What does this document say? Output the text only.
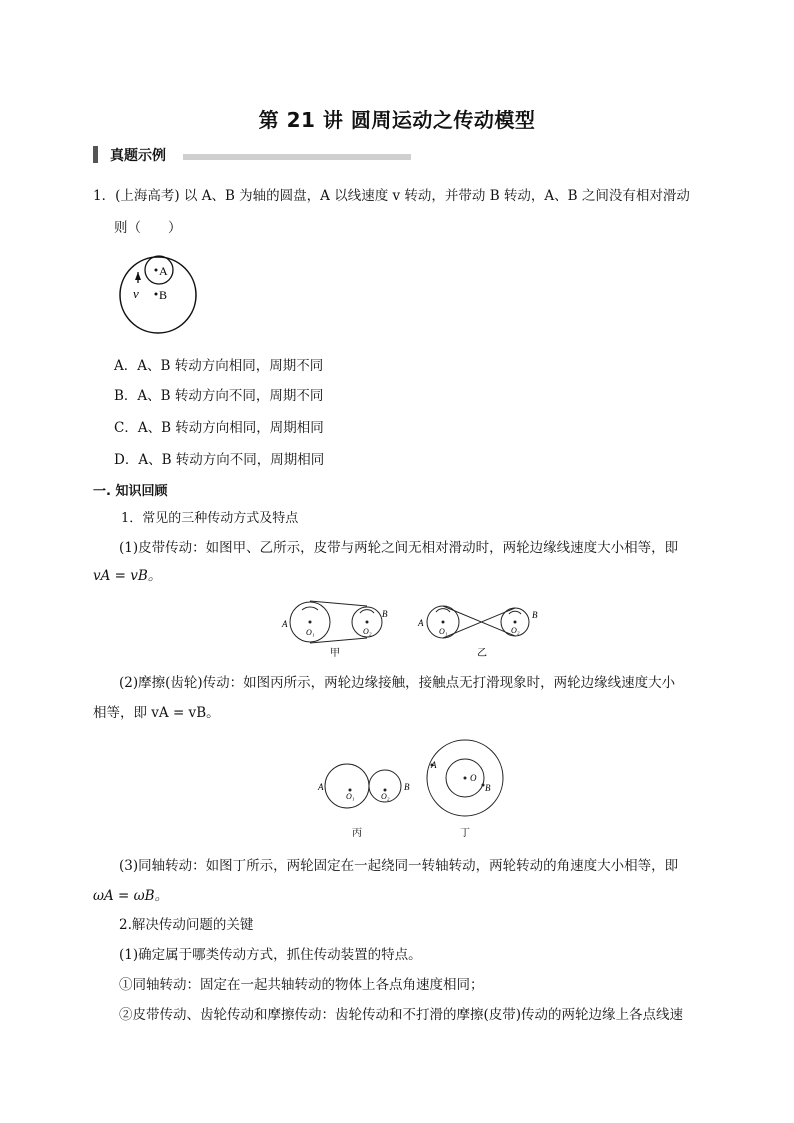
第 21 讲 圆周运动之传动模型
真题示例
1．(上海高考) 以 A、B 为轴的圆盘，A 以线速度 v 转动，并带动 B 转动，A、B 之间没有相对滑动
则（　　）
A
B
v
A．A、B 转动方向相同，周期不同
B．A、B 转动方向不同，周期不同
C．A、B 转动方向相同，周期相同
D．A、B 转动方向不同，周期相同
一. 知识回顾
1．常见的三种传动方式及特点
(1)皮带传动：如图甲、乙所示，皮带与两轮之间无相对滑动时，两轮边缘线速度大小相等，即
vA = vB。
A
B
O₁	O₂
甲
A
B
O₁	O₂
乙
(2)摩擦(齿轮)传动：如图丙所示，两轮边缘接触，接触点无打滑现象时，两轮边缘线速度大小
相等，即 vA = vB。
A	B
O₁	O₂
丙
A
O
B
丁
(3)同轴转动：如图丁所示，两轮固定在一起绕同一转轴转动，两轮转动的角速度大小相等，即
ωA = ωB。
2.解决传动问题的关键
(1)确定属于哪类传动方式，抓住传动装置的特点。
①同轴转动：固定在一起共轴转动的物体上各点角速度相同；
②皮带传动、齿轮传动和摩擦传动：齿轮传动和不打滑的摩擦(皮带)传动的两轮边缘上各点线速
